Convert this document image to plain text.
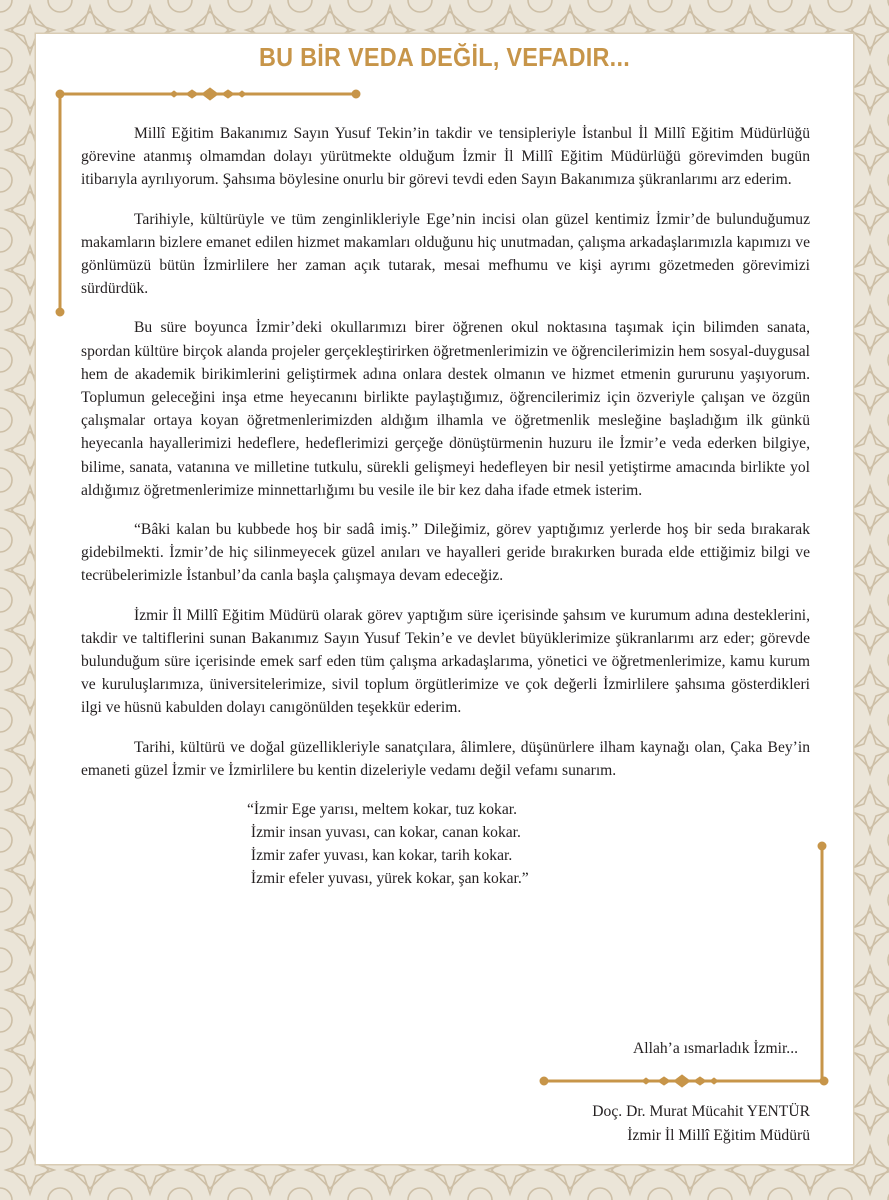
BU BİR VEDA DEĞİL, VEFADIR...

Millî Eğitim Bakanımız Sayın Yusuf Tekin’in takdir ve tensipleriyle İstanbul İl Millî Eğitim Müdürlüğü görevine atanmış olmamdan dolayı yürütmekte olduğum İzmir İl Millî Eğitim Müdürlüğü görevimden bugün itibarıyla ayrılıyorum. Şahsıma böylesine onurlu bir görevi tevdi eden Sayın Bakanımıza şükranlarımı arz ederim.

Tarihiyle, kültürüyle ve tüm zenginlikleriyle Ege’nin incisi olan güzel kentimiz İzmir’de bulunduğumuz makamların bizlere emanet edilen hizmet makamları olduğunu hiç unutmadan, çalışma arkadaşlarımızla kapımızı ve gönlümüzü bütün İzmirlilere her zaman açık tutarak, mesai mefhumu ve kişi ayrımı gözetmeden görevimizi sürdürdük.

Bu süre boyunca İzmir’deki okullarımızı birer öğrenen okul noktasına taşımak için bilimden sanata, spordan kültüre birçok alanda projeler gerçekleştirirken öğretmenlerimizin ve öğrencilerimizin hem sosyal-duygusal hem de akademik birikimlerini geliştirmek adına onlara destek olmanın ve hizmet etmenin gururunu yaşıyorum. Toplumun geleceğini inşa etme heyecanını birlikte paylaştığımız, öğrencilerimiz için özveriyle çalışan ve özgün çalışmalar ortaya koyan öğretmenlerimizden aldığım ilhamla ve öğretmenlik mesleğine başladığım ilk günkü heyecanla hayallerimizi hedeflere, hedeflerimizi gerçeğe dönüştürmenin huzuru ile İzmir’e veda ederken bilgiye, bilime, sanata, vatanına ve milletine tutkulu, sürekli gelişmeyi hedefleyen bir nesil yetiştirme amacında birlikte yol aldığımız öğretmenlerimize minnettarlığımı bu vesile ile bir kez daha ifade etmek isterim.

“Bâki kalan bu kubbede hoş bir sadâ imiş.” Dileğimiz, görev yaptığımız yerlerde hoş bir seda bırakarak gidebilmekti. İzmir’de hiç silinmeyecek güzel anıları ve hayalleri geride bırakırken burada elde ettiğimiz bilgi ve tecrübelerimizle İstanbul’da canla başla çalışmaya devam edeceğiz.

İzmir İl Millî Eğitim Müdürü olarak görev yaptığım süre içerisinde şahsım ve kurumum adına desteklerini, takdir ve taltiflerini sunan Bakanımız Sayın Yusuf Tekin’e ve devlet büyüklerimize şükranlarımı arz eder; görevde bulunduğum süre içerisinde emek sarf eden tüm çalışma arkadaşlarıma, yönetici ve öğretmenlerimize, kamu kurum ve kuruluşlarımıza, üniversitelerimize, sivil toplum örgütlerimize ve çok değerli İzmirlilere şahsıma gösterdikleri ilgi ve hüsnü kabulden dolayı canıgönülden teşekkür ederim.

Tarihi, kültürü ve doğal güzellikleriyle sanatçılara, âlimlere, düşünürlere ilham kaynağı olan, Çaka Bey’in emaneti güzel İzmir ve İzmirlilere bu kentin dizeleriyle vedamı değil vefamı sunarım.

“İzmir Ege yarısı, meltem kokar, tuz kokar.
İzmir insan yuvası, can kokar, canan kokar.
İzmir zafer yuvası, kan kokar, tarih kokar.
İzmir efeler yuvası, yürek kokar, şan kokar.”
Allah’a ısmarladık İzmir...
Doç. Dr. Murat Mücahit YENTÜR
İzmir İl Millî Eğitim Müdürü
